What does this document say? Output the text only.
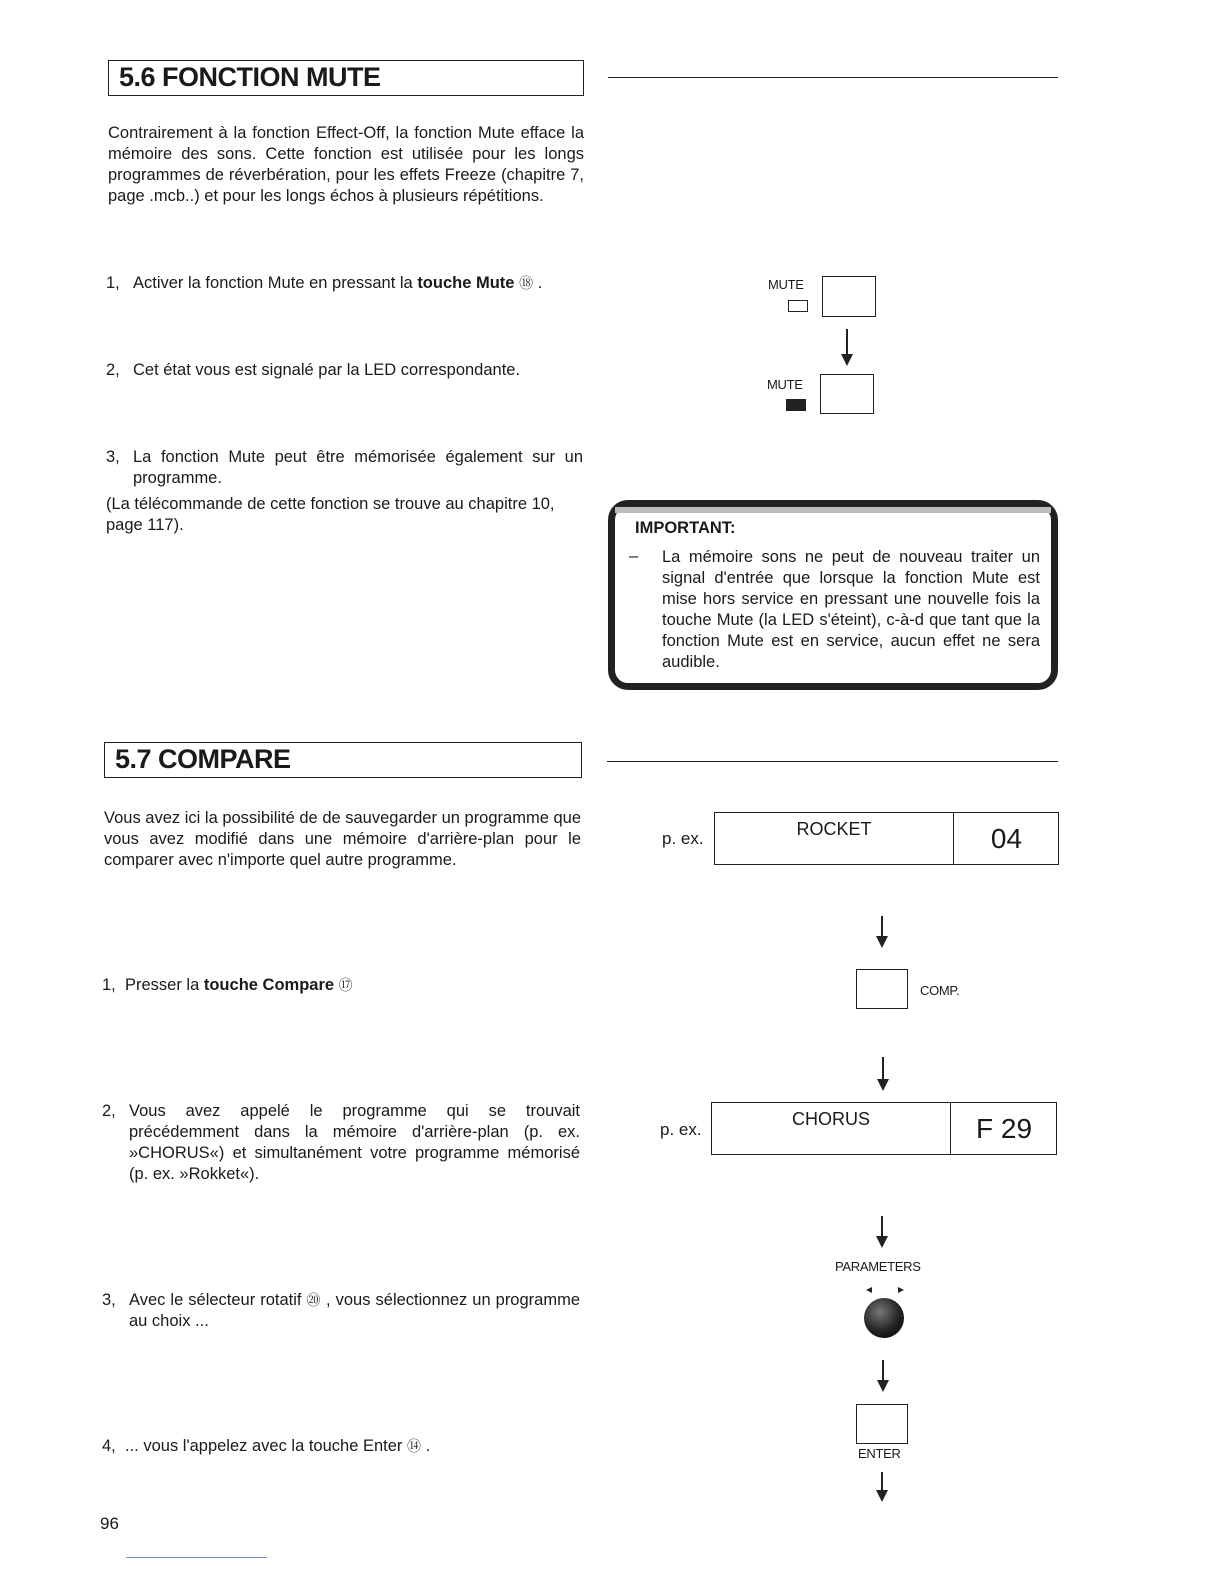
5.6 FONCTION MUTE
Contrairement à la fonction Effect-Off, la fonction Mute efface la mémoire des sons. Cette fonction est utilisée pour les longs programmes de réverbération, pour les effets Freeze (chapitre 7, page .mcb..) et pour les longs échos à plusieurs répétitions.
1, Activer la fonction Mute en pressant la touche Mute ⑱ .
2, Cet état vous est signalé par la LED correspondante.
3, La fonction Mute peut être mémorisée également sur un programme.
(La télécommande de cette fonction se trouve au chapitre 10, page 117).
MUTE
MUTE
IMPORTANT:
– La mémoire sons ne peut de nouveau traiter un signal d'entrée que lorsque la fonction Mute est mise hors service en pressant une nouvelle fois la touche Mute (la LED s'éteint), c-à-d que tant que la fonction Mute est en service, aucun effet ne sera audible.
5.7 COMPARE
Vous avez ici la possibilité de de sauvegarder un programme que vous avez modifié dans une mémoire d'arrière-plan pour le comparer avec n'importe quel autre programme.
1, Presser la touche Compare ⑰
2, Vous avez appelé le programme qui se trouvait précédemment dans la mémoire d'arrière-plan (p. ex. »CHORUS«) et simultanément votre programme mémorisé (p. ex. »Rokket«).
3, Avec le sélecteur rotatif ⑳ , vous sélectionnez un programme au choix ...
4, ... vous l'appelez avec la touche Enter ⑭ .
p. ex.	ROCKET	04
COMP.
p. ex.
CHORUS	F 29
PARAMETERS
ENTER
96
